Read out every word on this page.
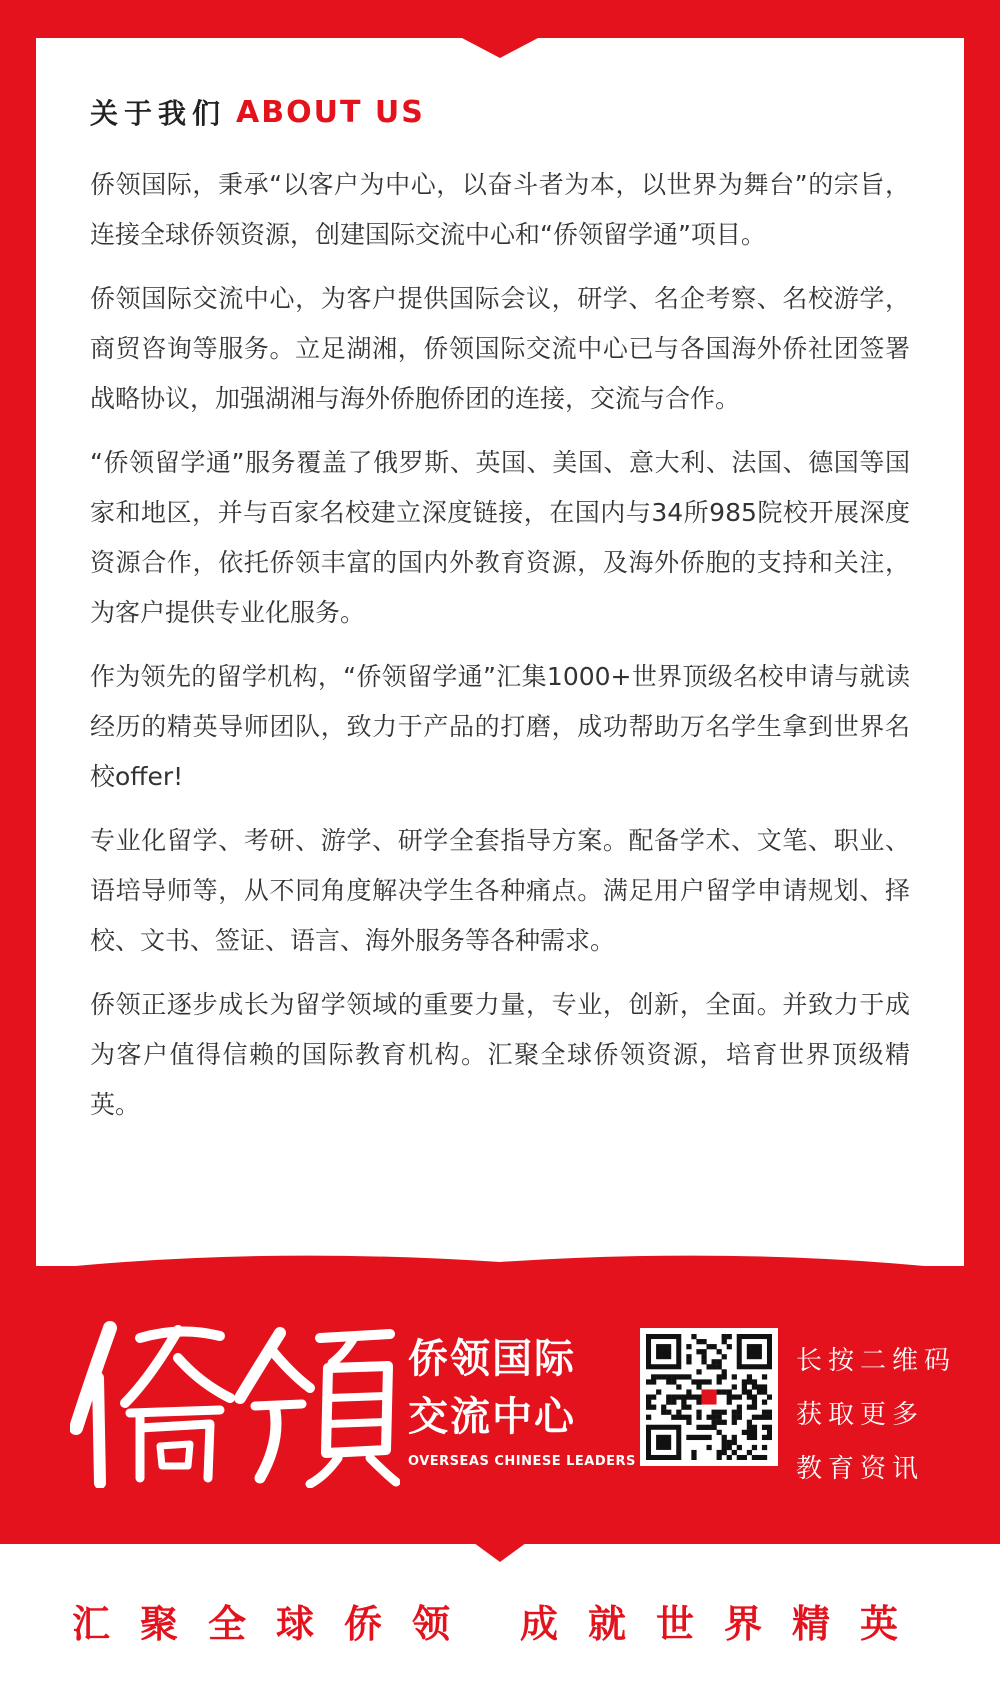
关于我们 ABOUT US

侨领国际，秉承“以客户为中心，以奋斗者为本，以世界为舞台”的宗旨，连接全球侨领资源，创建国际交流中心和“侨领留学通”项目。

侨领国际交流中心，为客户提供国际会议，研学、名企考察、名校游学，商贸咨询等服务。立足湖湘，侨领国际交流中心已与各国海外侨社团签署战略协议，加强湖湘与海外侨胞侨团的连接，交流与合作。

“侨领留学通”服务覆盖了俄罗斯、英国、美国、意大利、法国、德国等国家和地区，并与百家名校建立深度链接，在国内与34所985院校开展深度资源合作，依托侨领丰富的国内外教育资源，及海外侨胞的支持和关注，为客户提供专业化服务。

作为领先的留学机构，“侨领留学通”汇集1000+世界顶级名校申请与就读经历的精英导师团队，致力于产品的打磨，成功帮助万名学生拿到世界名校offer!

专业化留学、考研、游学、研学全套指导方案。配备学术、文笔、职业、语培导师等，从不同角度解决学生各种痛点。满足用户留学申请规划、择校、文书、签证、语言、海外服务等各种需求。

侨领正逐步成长为留学领域的重要力量，专业，创新，全面。并致力于成为客户值得信赖的国际教育机构。汇聚全球侨领资源，培育世界顶级精英。

侨领国际
交流中心
OVERSEAS CHINESE LEADERS
长按二维码
获取更多
教育资讯
汇聚全球侨领 成就世界精英
